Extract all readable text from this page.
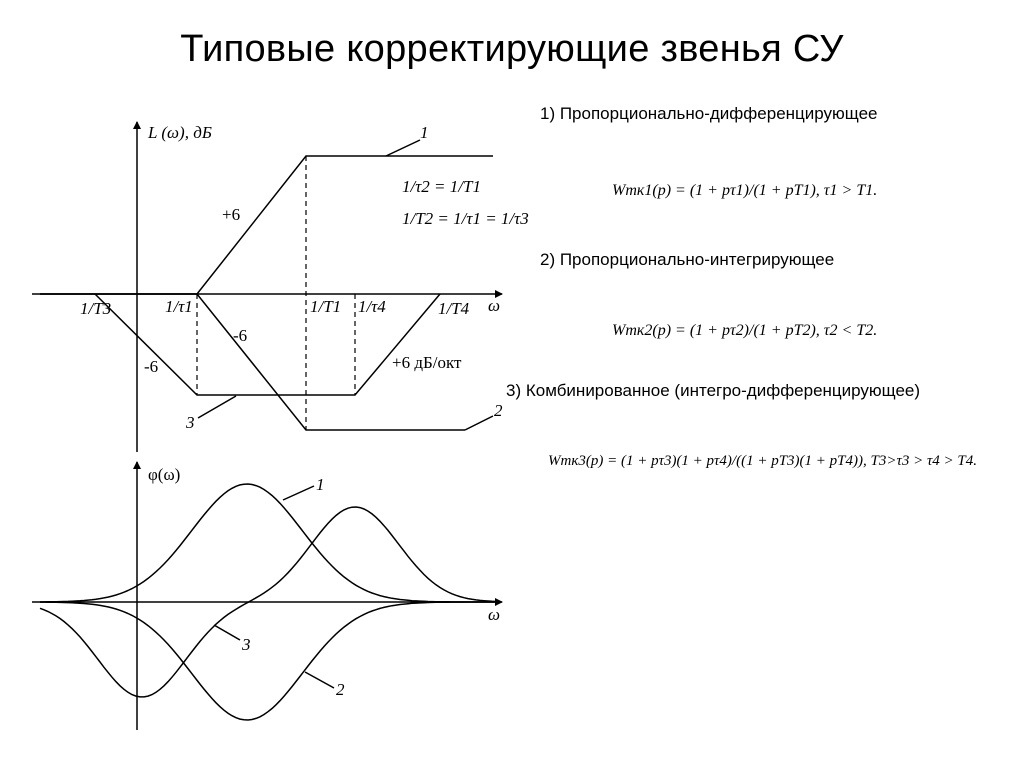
Типовые корректирующие звенья СУ
1) Пропорционально-дифференцирующее
2) Пропорционально-интегрирующее
3) Комбинированное (интегро-дифференцирующее)
L (ω), дБ
ω
1
2
3
1/T3	1/τ1	1/T1 1/τ4	1/T4
+6
-6
-6	+6 дБ/окт
1/τ2 = 1/T1
1/T2 = 1/τ1 = 1/τ3
φ(ω)
ω
1
2
3
Wтк1(p) = (1 + pτ1)/(1 + pT1), τ1 > T1.
Wтк2(p) = (1 + pτ2)/(1 + pT2), τ2 < T2.
Wтк3(p) = (1 + pτ3)(1 + pτ4)/((1 + pT3)(1 + pT4)), T3>τ3 > τ4 > T4.
